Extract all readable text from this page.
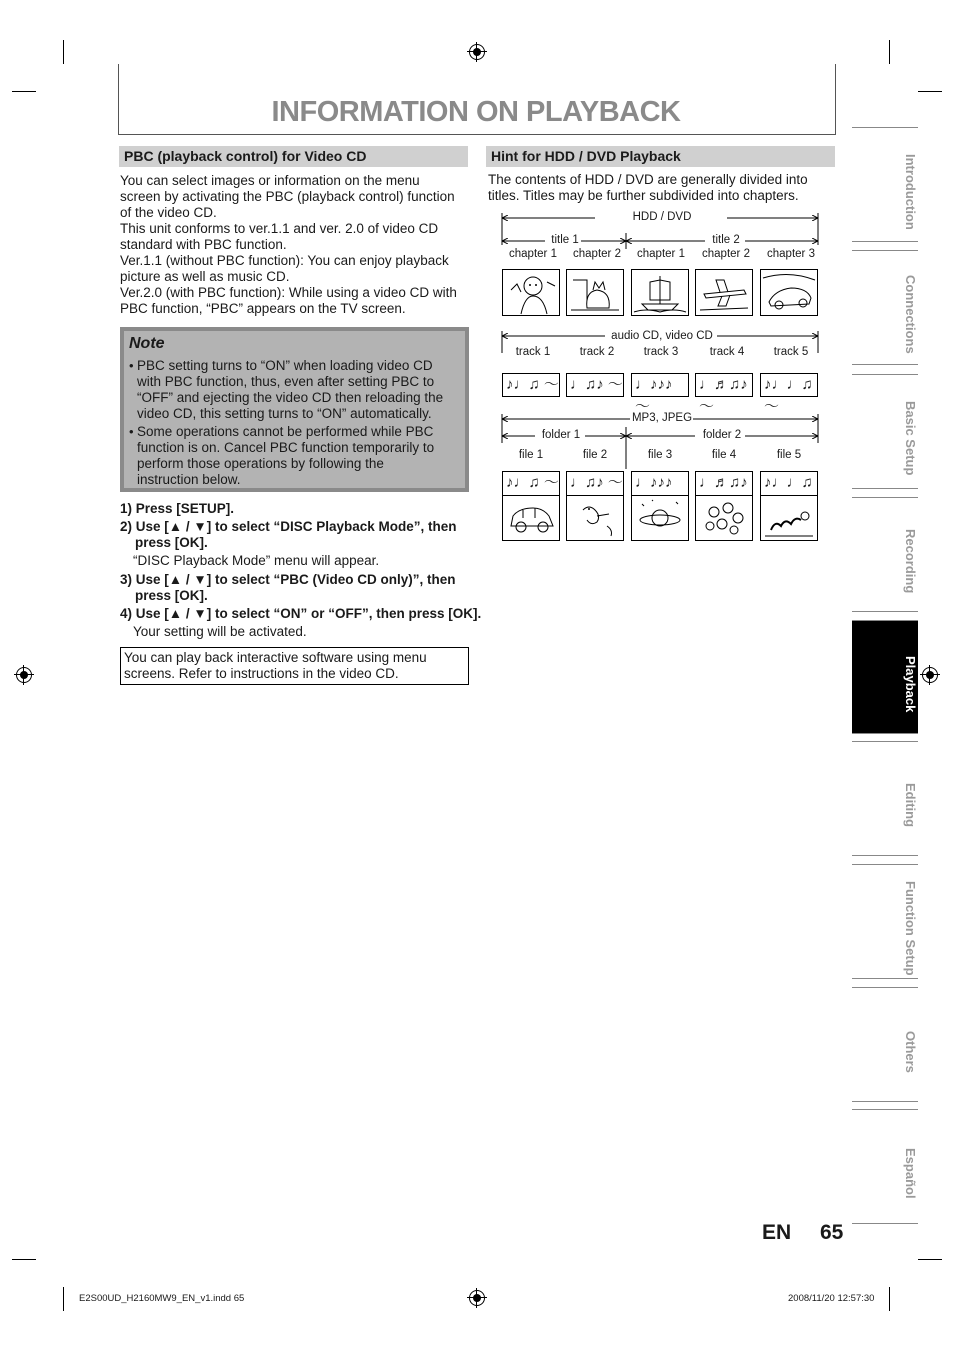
INFORMATION ON PLAYBACK
PBC (playback control) for Video CD
You can select images or information on the menu
screen by activating the PBC (playback control) function
of the video CD.
This unit conforms to ver.1.1 and ver. 2.0 of video CD
standard with PBC function.
Ver.1.1 (without PBC function): You can enjoy playback
picture as well as music CD.
Ver.2.0 (with PBC function): While using a video CD with
PBC function, “PBC” appears on the TV screen.
Note
• PBC setting turns to “ON” when loading video CD
with PBC function, thus, even after setting PBC to
“OFF” and ejecting the video CD then reloading the
video CD, this setting turns to “ON” automatically.
• Some operations cannot be performed while PBC
function is on. Cancel PBC function temporarily to
perform those operations by following the
instruction below.
1) Press [SETUP].
2) Use [▲ / ▼] to select “DISC Playback Mode”, then
press [OK].
“DISC Playback Mode” menu will appear.
3) Use [▲ / ▼] to select “PBC (Video CD only)”, then
press [OK].
4) Use [▲ / ▼] to select “ON” or “OFF”, then press [OK].
Your setting will be activated.
You can play back interactive software using menu
screens. Refer to instructions in the video CD.
Hint for HDD / DVD Playback
The contents of HDD / DVD are generally divided into
titles. Titles may be further subdivided into chapters.
HDD / DVD
title 1	title 2
chapter 1	chapter 2	chapter 1	chapter 2	chapter 3
audio CD, video CD
track 1	track 2	track 3	track 4	track 5
♪♩♫ ～ ♩♫♪ ～ ♩♪♪♪ ～
♩♬♫♪～
♪♩♩♫～
MP3, JPEG
folder 1	folder 2
file 1	file 2	file 3	file 4	file 5
♪♩♫ ～ ♩♫♪ ～ ♩♪♪♪	♩♬♫♪	♪♩♩♫
Introduction
Connections
Basic Setup
Recording
Playback
Editing
Function Setup
Others
Español
EN 65
E2S00UD_H2160MW9_EN_v1.indd 65	2008/11/20 12:57:30
